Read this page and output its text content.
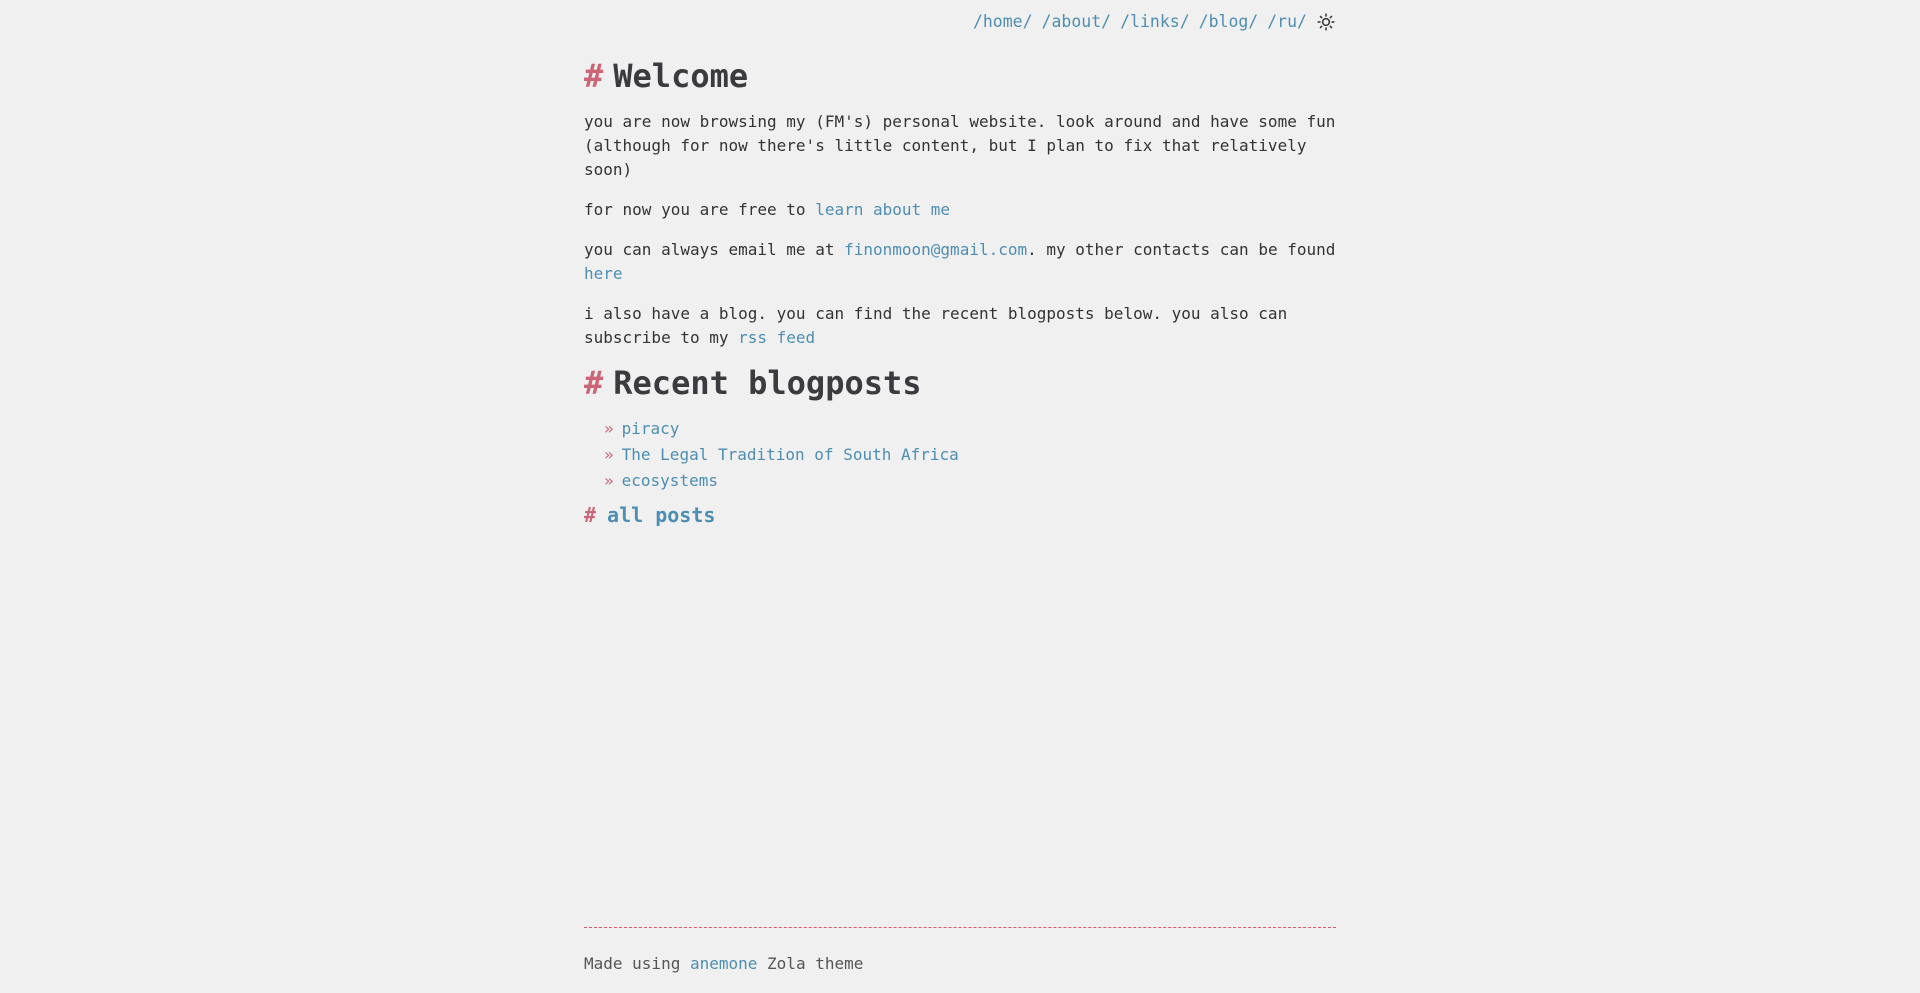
/home/ /about/ /links/ /blog/ /ru/
# Welcome

you are now browsing my (FM's) personal website. look around and have some fun (although for now there's little content, but I plan to fix that relatively soon)

for now you are free to learn about me

you can always email me at finonmoon@gmail.com. my other contacts can be found here

i also have a blog. you can find the recent blogposts below. you also can subscribe to my rss feed

# Recent blogposts
» piracy
» The Legal Tradition of South Africa
» ecosystems
# all posts
Made using anemone Zola theme
